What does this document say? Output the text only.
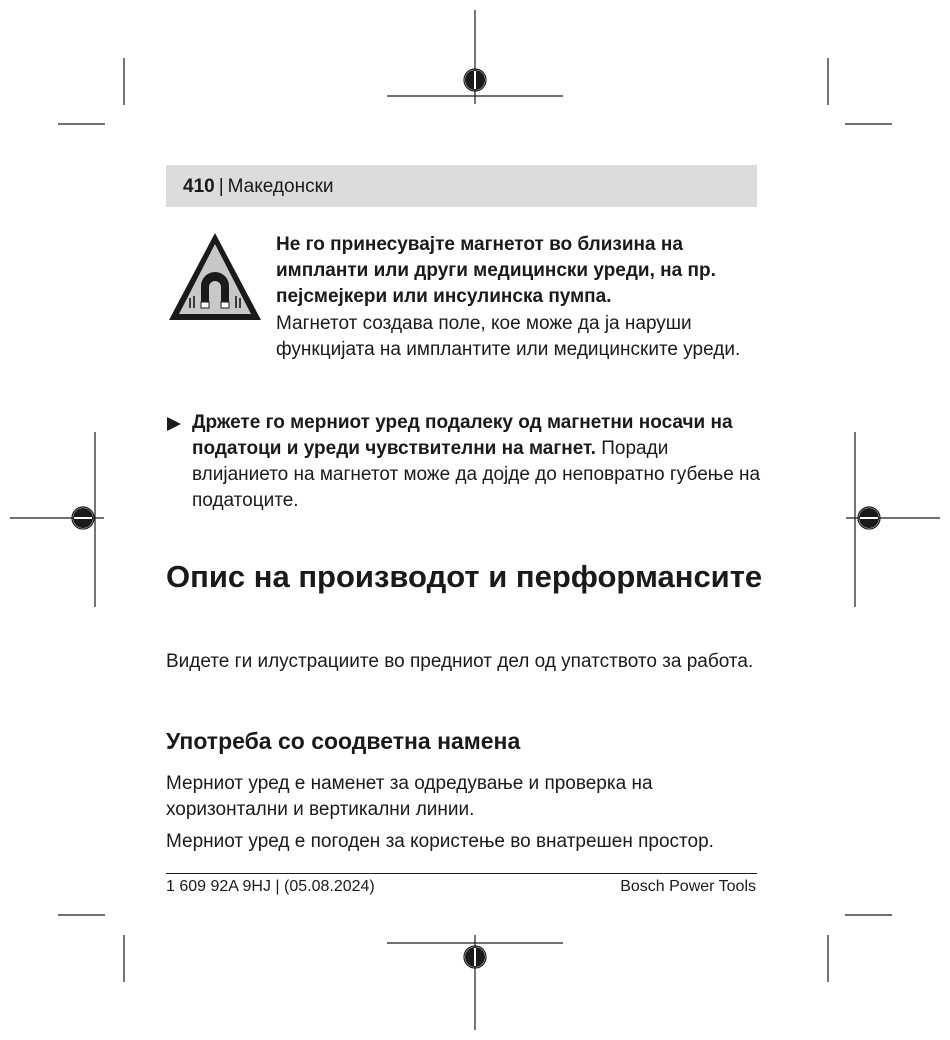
410 | Македонски
Не го принесувајте магнетот во близина на импланти или други медицински уреди, на пр. пејсмејкери или инсулинска пумпа.
Магнетот создава поле, кое може да ја наруши функцијата на имплантите или медицинските уреди.
Држете го мерниот уред подалеку од магнетни носачи на податоци и уреди чувствителни на магнет. Поради влијанието на магнетот може да дојде до неповратно губење на податоците.
Опис на производот и перформансите

Видете ги илустрациите во предниот дел од упатството за работа.

Употреба со соодветна намена

Мерниот уред е наменет за одредување и проверка на хоризонтални и вертикални линии.

Мерниот уред е погоден за користење во внатрешен простор.

1 609 92A 9HJ | (05.08.2024)	Bosch Power Tools
